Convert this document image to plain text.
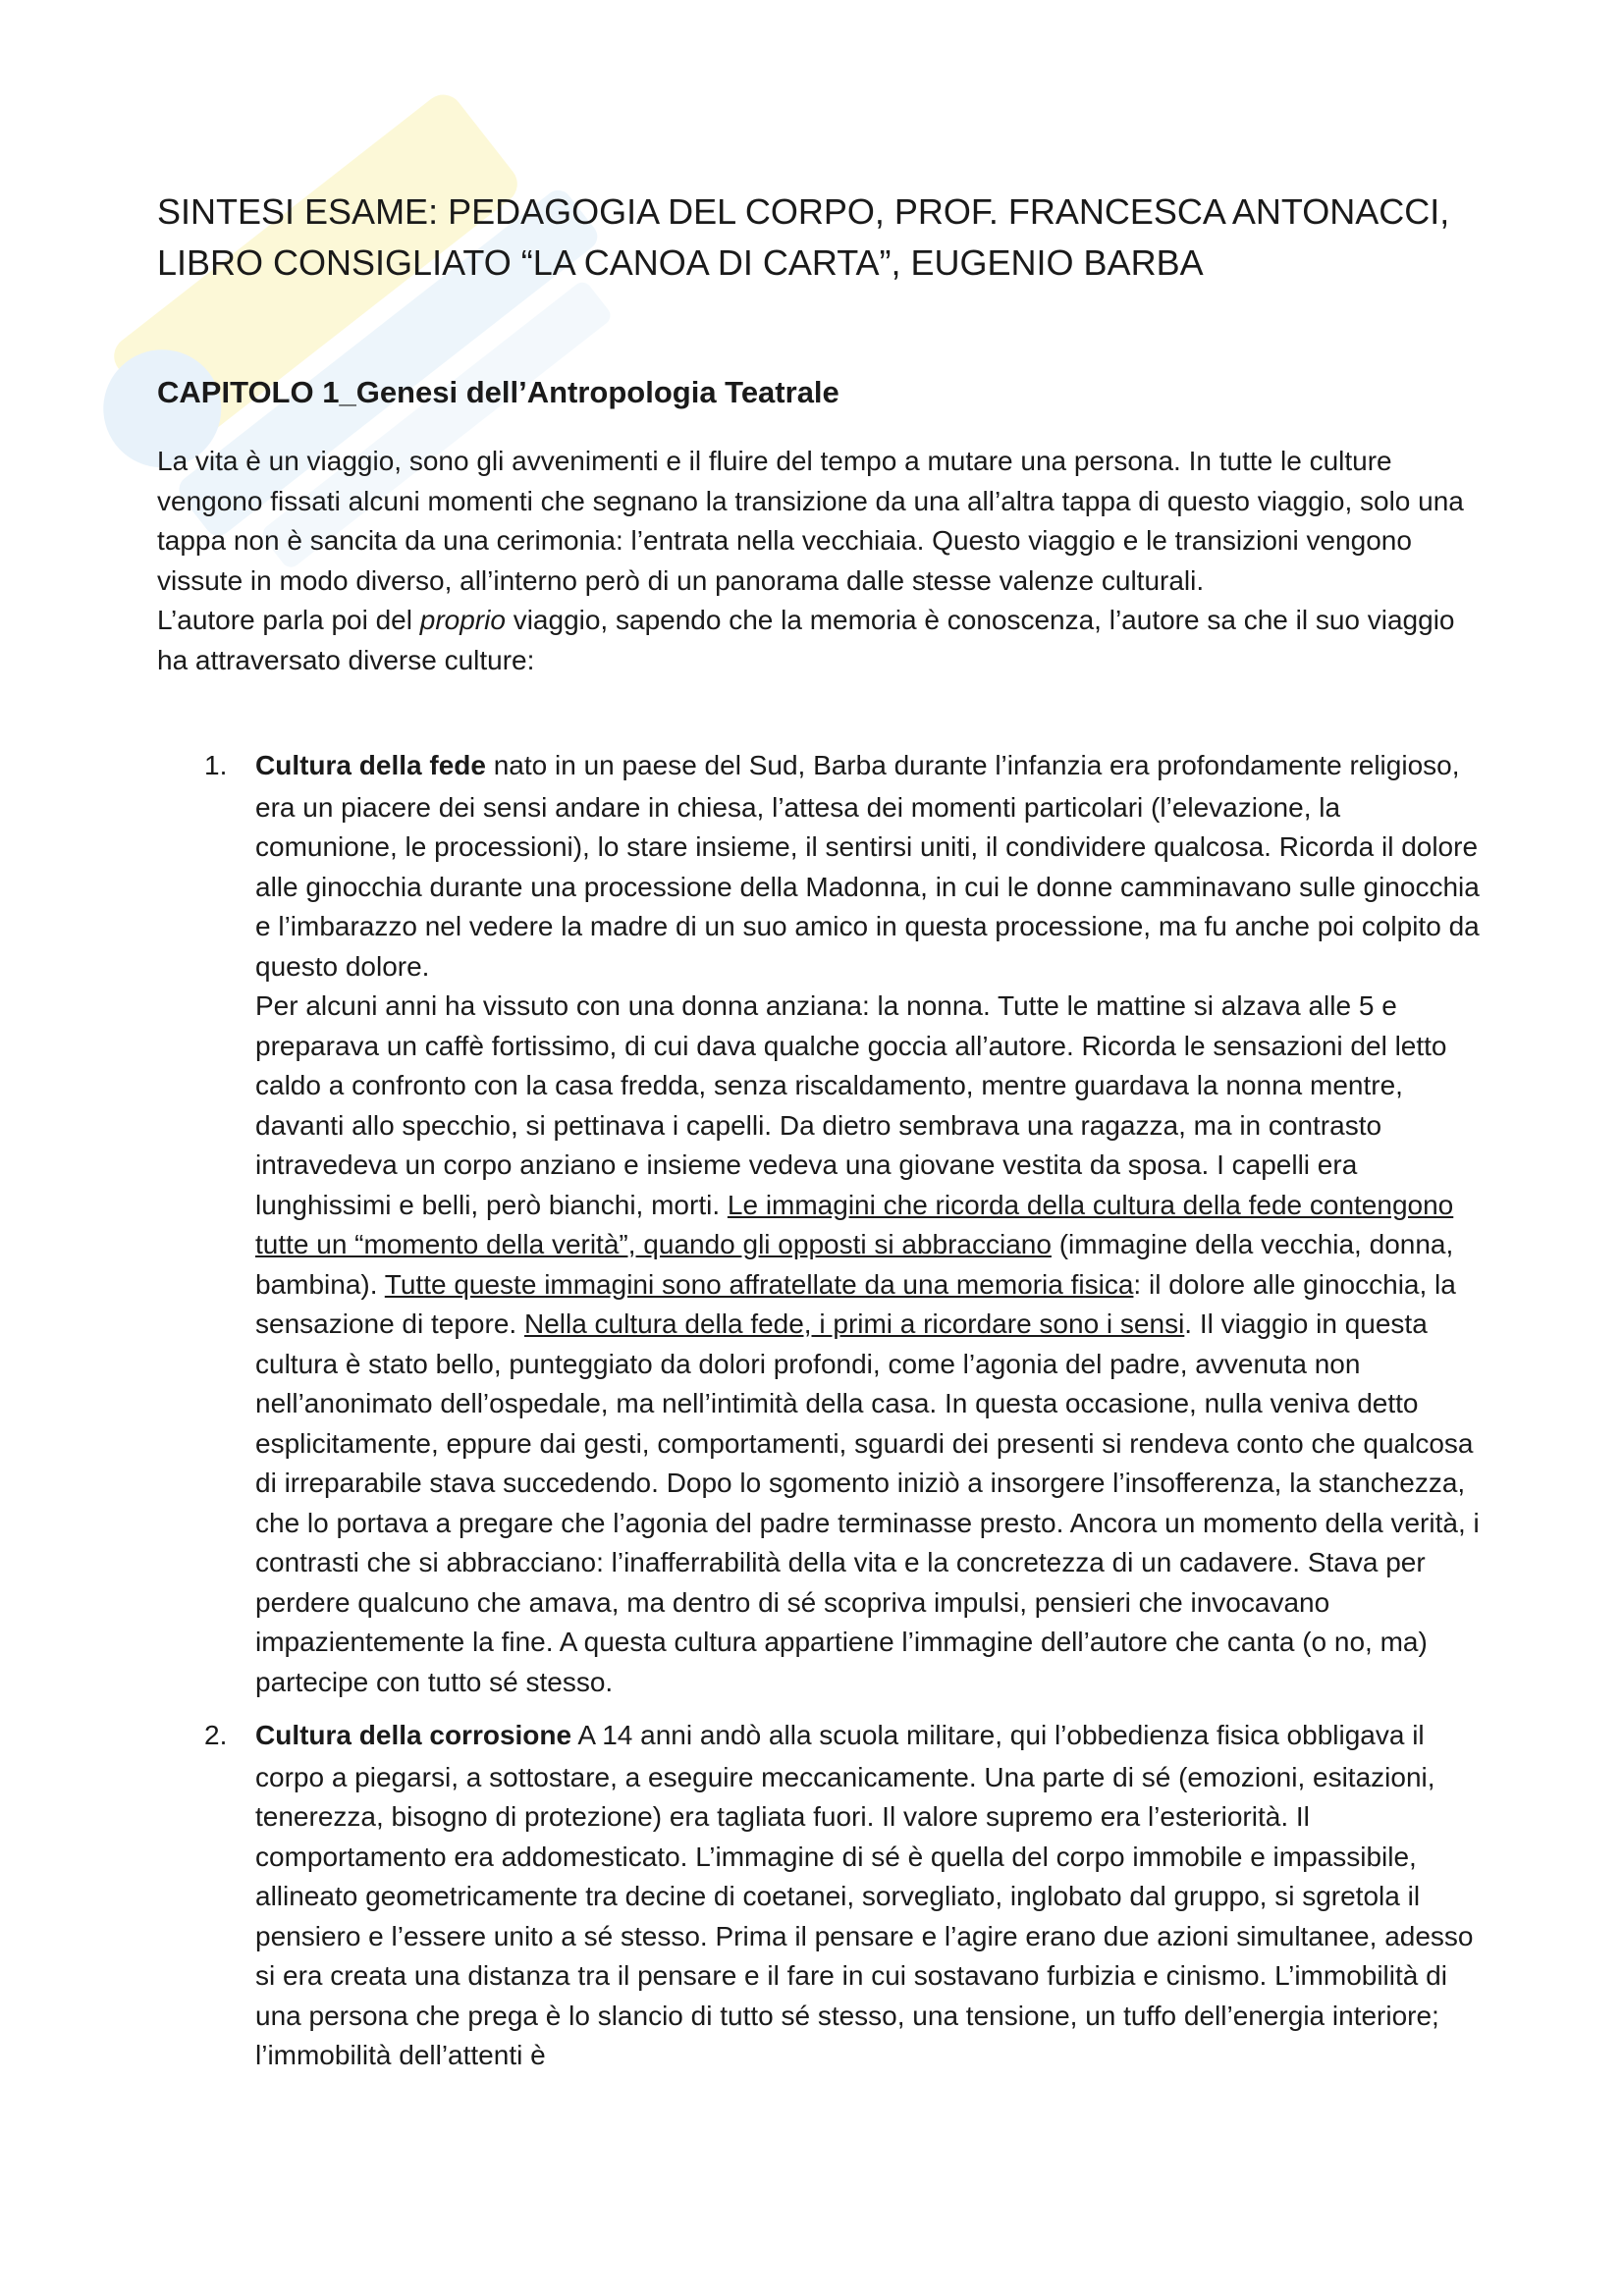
SINTESI ESAME: PEDAGOGIA DEL CORPO, PROF. FRANCESCA ANTONACCI, LIBRO CONSIGLIATO “LA CANOA DI CARTA”, EUGENIO BARBA
CAPITOLO 1_Genesi dell’Antropologia Teatrale
La vita è un viaggio, sono gli avvenimenti e il fluire del tempo a mutare una persona. In tutte le culture vengono fissati alcuni momenti che segnano la transizione da una all’altra tappa di questo viaggio, solo una tappa non è sancita da una cerimonia: l’entrata nella vecchiaia. Questo viaggio e le transizioni vengono vissute in modo diverso, all’interno però di un panorama dalle stesse valenze culturali.
L’autore parla poi del proprio viaggio, sapendo che la memoria è conoscenza, l’autore sa che il suo viaggio ha attraversato diverse culture:
1. Cultura della fede nato in un paese del Sud, Barba durante l’infanzia era profondamente religioso, era un piacere dei sensi andare in chiesa, l’attesa dei momenti particolari (l’elevazione, la comunione, le processioni), lo stare insieme, il sentirsi uniti, il condividere qualcosa. Ricorda il dolore alle ginocchia durante una processione della Madonna, in cui le donne camminavano sulle ginocchia e l’imbarazzo nel vedere la madre di un suo amico in questa processione, ma fu anche poi colpito da questo dolore.
Per alcuni anni ha vissuto con una donna anziana: la nonna. Tutte le mattine si alzava alle 5 e preparava un caffè fortissimo, di cui dava qualche goccia all’autore. Ricorda le sensazioni del letto caldo a confronto con la casa fredda, senza riscaldamento, mentre guardava la nonna mentre, davanti allo specchio, si pettinava i capelli. Da dietro sembrava una ragazza, ma in contrasto intravedeva un corpo anziano e insieme vedeva una giovane vestita da sposa. I capelli era lunghissimi e belli, però bianchi, morti. Le immagini che ricorda della cultura della fede contengono tutte un “momento della verità”, quando gli opposti si abbracciano (immagine della vecchia, donna, bambina). Tutte queste immagini sono affratellate da una memoria fisica: il dolore alle ginocchia, la sensazione di tepore. Nella cultura della fede, i primi a ricordare sono i sensi. Il viaggio in questa cultura è stato bello, punteggiato da dolori profondi, come l’agonia del padre, avvenuta non nell’anonimato dell’ospedale, ma nell’intimità della casa. In questa occasione, nulla veniva detto esplicitamente, eppure dai gesti, comportamenti, sguardi dei presenti si rendeva conto che qualcosa di irreparabile stava succedendo. Dopo lo sgomento iniziò a insorgere l’insofferenza, la stanchezza, che lo portava a pregare che l’agonia del padre terminasse presto. Ancora un momento della verità, i contrasti che si abbracciano: l’inafferrabilità della vita e la concretezza di un cadavere. Stava per perdere qualcuno che amava, ma dentro di sé scopriva impulsi, pensieri che invocavano impazientemente la fine. A questa cultura appartiene l’immagine dell’autore che canta (o no, ma) partecipe con tutto sé stesso.
2. Cultura della corrosione A 14 anni andò alla scuola militare, qui l’obbedienza fisica obbligava il corpo a piegarsi, a sottostare, a eseguire meccanicamente. Una parte di sé (emozioni, esitazioni, tenerezza, bisogno di protezione) era tagliata fuori. Il valore supremo era l’esteriorità. Il comportamento era addomesticato. L’immagine di sé è quella del corpo immobile e impassibile, allineato geometricamente tra decine di coetanei, sorvegliato, inglobato dal gruppo, si sgretola il pensiero e l’essere unito a sé stesso. Prima il pensare e l’agire erano due azioni simultanee, adesso si era creata una distanza tra il pensare e il fare in cui sostavano furbizia e cinismo. L’immobilità di una persona che prega è lo slancio di tutto sé stesso, una tensione, un tuffo dell’energia interiore; l’immobilità dell’attenti è
